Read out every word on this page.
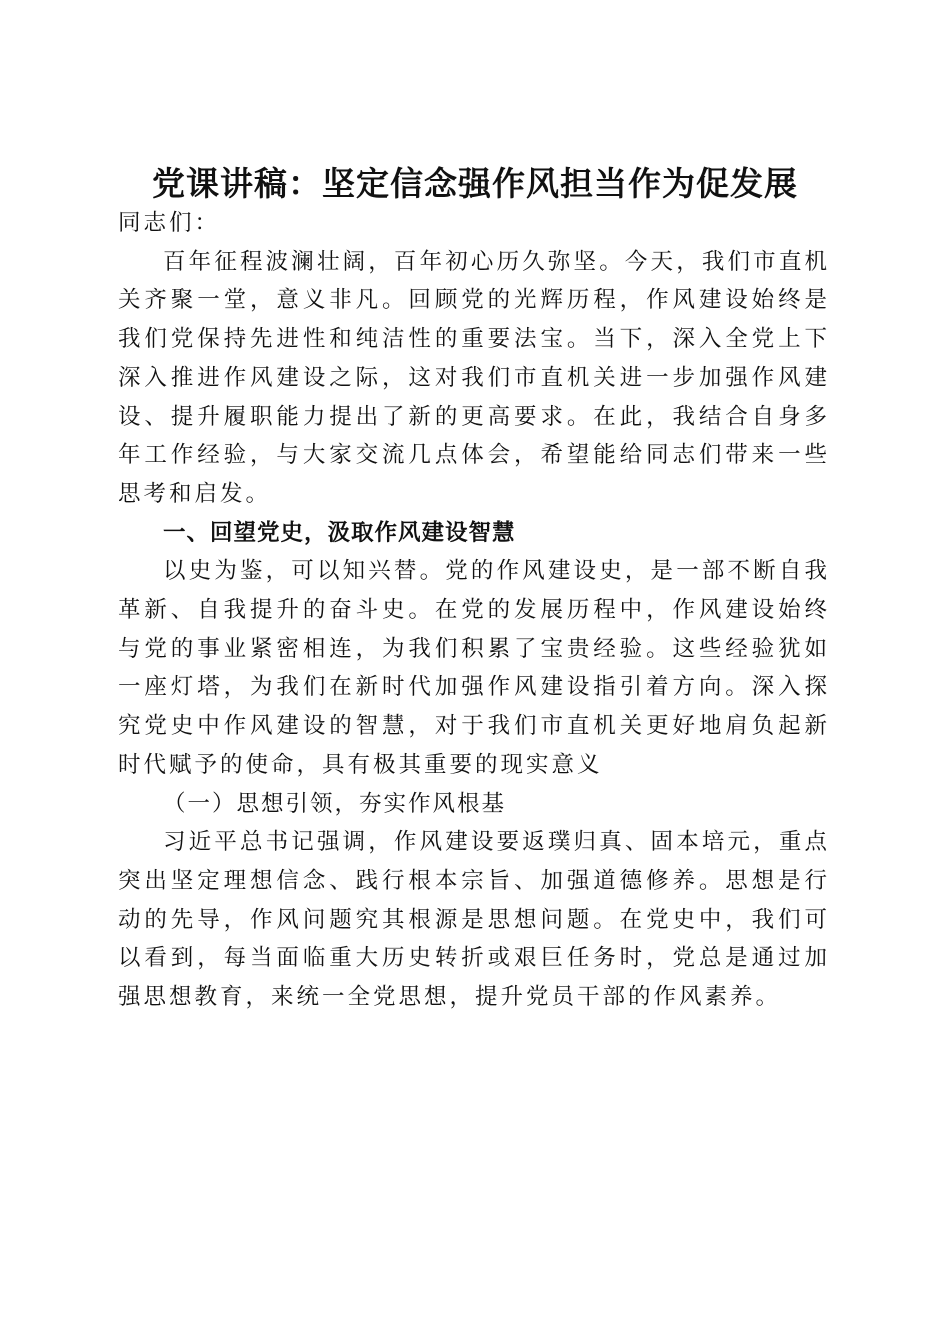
党课讲稿：坚定信念强作风担当作为促发展

同志们：

百年征程波澜壮阔，百年初心历久弥坚。今天，我们市直机关齐聚一堂，意义非凡。回顾党的光辉历程，作风建设始终是我们党保持先进性和纯洁性的重要法宝。当下，深入全党上下深入推进作风建设之际，这对我们市直机关进一步加强作风建设、提升履职能力提出了新的更高要求。在此，我结合自身多年工作经验，与大家交流几点体会，希望能给同志们带来一些思考和启发。

一、回望党史，汲取作风建设智慧

以史为鉴，可以知兴替。党的作风建设史，是一部不断自我革新、自我提升的奋斗史。在党的发展历程中，作风建设始终与党的事业紧密相连，为我们积累了宝贵经验。这些经验犹如一座灯塔，为我们在新时代加强作风建设指引着方向。深入探究党史中作风建设的智慧，对于我们市直机关更好地肩负起新时代赋予的使命，具有极其重要的现实意义

（一）思想引领，夯实作风根基

习近平总书记强调，作风建设要返璞归真、固本培元，重点突出坚定理想信念、践行根本宗旨、加强道德修养。思想是行动的先导，作风问题究其根源是思想问题。在党史中，我们可以看到，每当面临重大历史转折或艰巨任务时，党总是通过加强思想教育，来统一全党思想，提升党员干部的作风素养。
